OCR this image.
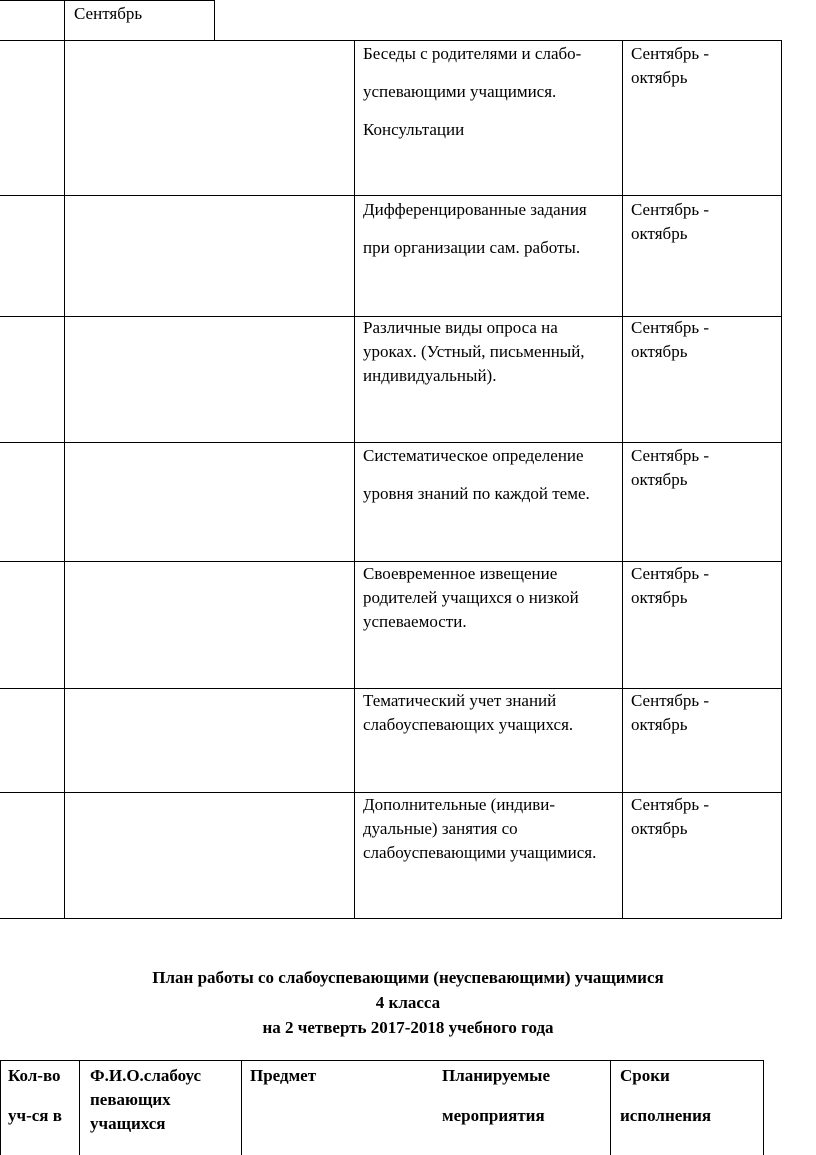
Сентябрь
Беседы с родителями и слабо-
успевающими учащимися.
Консультации
Сентябрь -
октябрь
Дифференцированные задания
при организации сам. работы.
Сентябрь -
октябрь
Различные виды опроса на
уроках. (Устный, письменный,
индивидуальный).
Сентябрь -
октябрь
Систематическое определение
уровня знаний по каждой теме.
Сентябрь -
октябрь
Своевременное извещение
родителей учащихся о низкой
успеваемости.
Сентябрь -
октябрь
Тематический учет знаний
слабоуспевающих учащихся.
Сентябрь -
октябрь
Дополнительные (индиви-
дуальные) занятия со
слабоуспевающими учащимися.
Сентябрь -
октябрь
План работы со слабоуспевающими (неуспевающими) учащимися
4 класса
на 2 четверть 2017-2018 учебного года
Кол-во
уч-ся в
Ф.И.О.слабоус
певающих
учащихся
Предмет	Планируемые
мероприятия
Сроки
исполнения
